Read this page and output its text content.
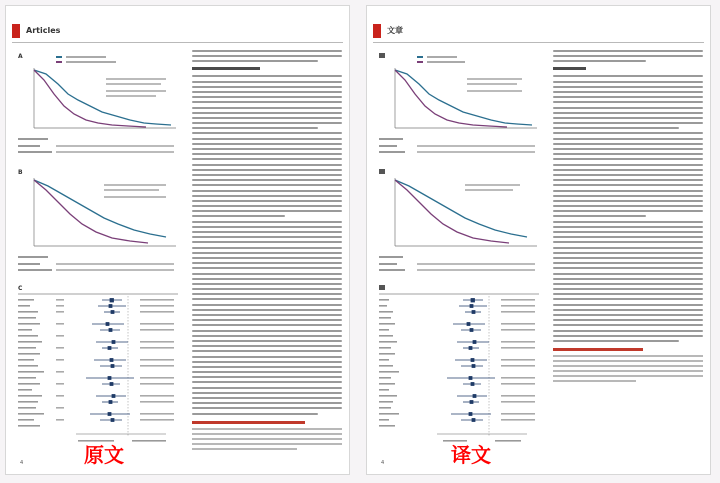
Articles
A
B
C
4	原文
文章
4	译文
